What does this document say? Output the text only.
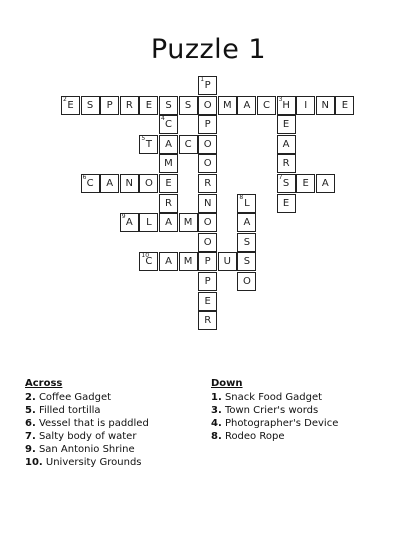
Puzzle 1
2
E	S	P	R	E	S	S	O	M	A	C
3
H	I	N	E
5
T	A	C	O
6
C	A	N	O	E
7
S	E	A
9
A	L	A	M	O
10
C	A	M	P	U	S
1
P
P
O
R
N
O
P
E
R
E
A
R
E
4
C
M
R
8
L
A
S
O
Across
2. Coffee Gadget
5. Filled tortilla
6. Vessel that is paddled
7. Salty body of water
9. San Antonio Shrine
10. University Grounds
Down
1. Snack Food Gadget
3. Town Crier's words
4. Photographer's Device
8. Rodeo Rope
